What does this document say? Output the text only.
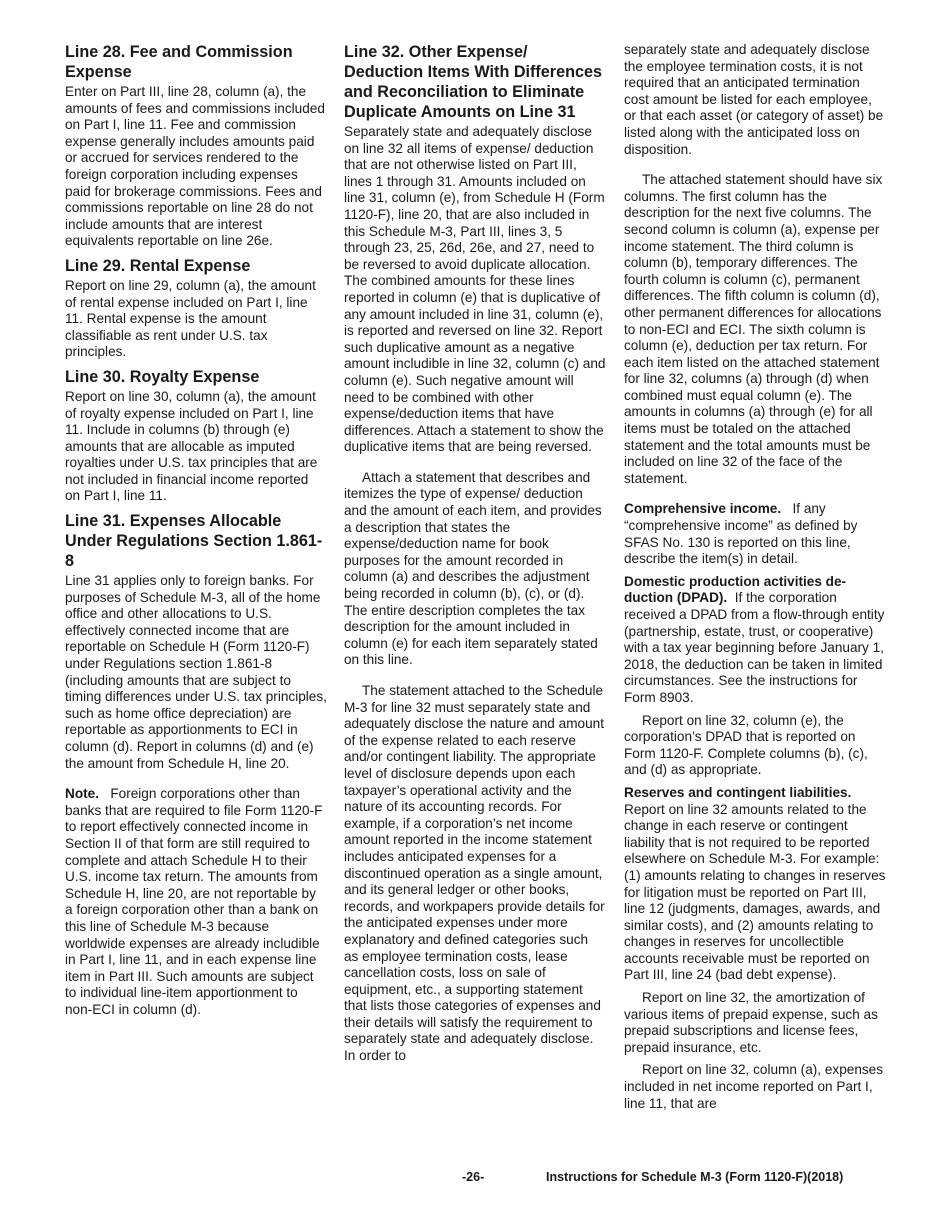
Line 28. Fee and Commission Expense

Enter on Part III, line 28, column (a), the amounts of fees and commissions included on Part I, line 11. Fee and commission expense generally includes amounts paid or accrued for services rendered to the foreign corporation including expenses paid for brokerage commissions. Fees and commissions reportable on line 28 do not include amounts that are interest equivalents reportable on line 26e.

Line 29. Rental Expense

Report on line 29, column (a), the amount of rental expense included on Part I, line 11. Rental expense is the amount classifiable as rent under U.S. tax principles.

Line 30. Royalty Expense

Report on line 30, column (a), the amount of royalty expense included on Part I, line 11. Include in columns (b) through (e) amounts that are allocable as imputed royalties under U.S. tax principles that are not included in financial income reported on Part I, line 11.

Line 31. Expenses Allocable Under Regulations Section 1.861-8

Line 31 applies only to foreign banks. For purposes of Schedule M-3, all of the home office and other allocations to U.S. effectively connected income that are reportable on Schedule H (Form 1120-F) under Regulations section 1.861-8 (including amounts that are subject to timing differences under U.S. tax principles, such as home office depreciation) are reportable as apportionments to ECI in column (d). Report in columns (d) and (e) the amount from Schedule H, line 20.

Note. Foreign corporations other than banks that are required to file Form 1120-F to report effectively connected income in Section II of that form are still required to complete and attach Schedule H to their U.S. income tax return. The amounts from Schedule H, line 20, are not reportable by a foreign corporation other than a bank on this line of Schedule M-3 because worldwide expenses are already includible in Part I, line 11, and in each expense line item in Part III. Such amounts are subject to individual line-item apportionment to non-ECI in column (d).

Line 32. Other Expense/ Deduction Items With Differences and Reconciliation to Eliminate Duplicate Amounts on Line 31

Separately state and adequately disclose on line 32 all items of expense/ deduction that are not otherwise listed on Part III, lines 1 through 31. Amounts included on line 31, column (e), from Schedule H (Form 1120-F), line 20, that are also included in this Schedule M-3, Part III, lines 3, 5 through 23, 25, 26d, 26e, and 27, need to be reversed to avoid duplicate allocation. The combined amounts for these lines reported in column (e) that is duplicative of any amount included in line 31, column (e), is reported and reversed on line 32. Report such duplicative amount as a negative amount includible in line 32, column (c) and column (e). Such negative amount will need to be combined with other expense/deduction items that have differences. Attach a statement to show the duplicative items that are being reversed.

Attach a statement that describes and itemizes the type of expense/ deduction and the amount of each item, and provides a description that states the expense/deduction name for book purposes for the amount recorded in column (a) and describes the adjustment being recorded in column (b), (c), or (d). The entire description completes the tax description for the amount included in column (e) for each item separately stated on this line.

The statement attached to the Schedule M-3 for line 32 must separately state and adequately disclose the nature and amount of the expense related to each reserve and/or contingent liability. The appropriate level of disclosure depends upon each taxpayer’s operational activity and the nature of its accounting records. For example, if a corporation’s net income amount reported in the income statement includes anticipated expenses for a discontinued operation as a single amount, and its general ledger or other books, records, and workpapers provide details for the anticipated expenses under more explanatory and defined categories such as employee termination costs, lease cancellation costs, loss on sale of equipment, etc., a supporting statement that lists those categories of expenses and their details will satisfy the requirement to separately state and adequately disclose. In order to

separately state and adequately disclose the employee termination costs, it is not required that an anticipated termination cost amount be listed for each employee, or that each asset (or category of asset) be listed along with the anticipated loss on disposition.

The attached statement should have six columns. The first column has the description for the next five columns. The second column is column (a), expense per income statement. The third column is column (b), temporary differences. The fourth column is column (c), permanent differences. The fifth column is column (d), other permanent differences for allocations to non-ECI and ECI. The sixth column is column (e), deduction per tax return. For each item listed on the attached statement for line 32, columns (a) through (d) when combined must equal column (e). The amounts in columns (a) through (e) for all items must be totaled on the attached statement and the total amounts must be included on line 32 of the face of the statement.

Comprehensive income. If any “comprehensive income” as defined by SFAS No. 130 is reported on this line, describe the item(s) in detail.

Domestic production activities deduction (DPAD). If the corporation received a DPAD from a flow-through entity (partnership, estate, trust, or cooperative) with a tax year beginning before January 1, 2018, the deduction can be taken in limited circumstances. See the instructions for Form 8903.

Report on line 32, column (e), the corporation’s DPAD that is reported on Form 1120-F. Complete columns (b), (c), and (d) as appropriate.

Reserves and contingent liabilities. Report on line 32 amounts related to the change in each reserve or contingent liability that is not required to be reported elsewhere on Schedule M-3. For example: (1) amounts relating to changes in reserves for litigation must be reported on Part III, line 12 (judgments, damages, awards, and similar costs), and (2) amounts relating to changes in reserves for uncollectible accounts receivable must be reported on Part III, line 24 (bad debt expense).

Report on line 32, the amortization of various items of prepaid expense, such as prepaid subscriptions and license fees, prepaid insurance, etc.

Report on line 32, column (a), expenses included in net income reported on Part I, line 11, that are

-26-	Instructions for Schedule M-3 (Form 1120-F)(2018)
